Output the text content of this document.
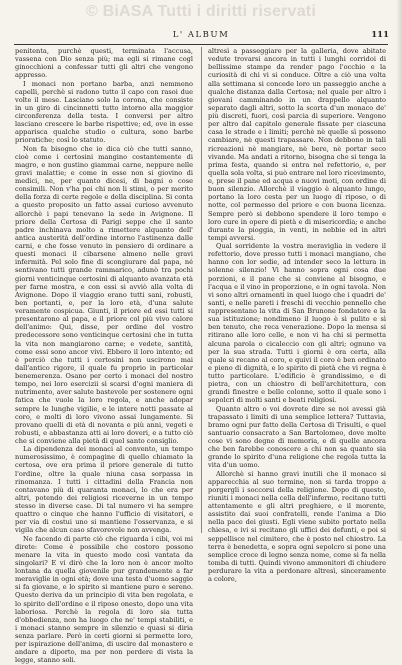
© BiASA Tutti i diritti riservati
L' ALBUM	111

penitenta, purchè questi, terminata l'accusa, vassena con Dio senza più; ma egli si rimane cogl ginocchioni a confessar tutti gli altri che vengono appresso.

I monaci non portano barba, anzi nemmeno capelli, perchè si radono tutto il capo con rasoi due volte il mese. Lasciano solo la corona, che consiste in un giro di cincinnetti tutto intorno alla maggior circonferenza della testa. I conversi per altro lasciano crescere le barbe rispettive; ed, ove in esse apparisca qualche studio o cultura, sono barbe prioratiche; così lo statuto.

Non fa bisogno che io dica ciò che tutti sanno, cioè come i certosini mangino costantemente di magro, e non gustino giammai carne, neppure nelle gravi malattie; e come in esse non si giovino di medici, ne, per quanto dicesi, di bagni o cose consimili. Non v'ha poi chi non li stimi, o per merito della forza di certe regole e della disciplina. Si conta a questo proposito un fatto assai curioso avvenuto allorchè i papi tenevano la sede in Avignone. Il priore della Certosa di Parigi seppe che il santo padre inchinava molto a rimettere alquanto dell' antica austerità dell'ordine intorno l'astinenza dalle carni, e che fosse venuto in pensiero di ordinare a questi monaci il cibarsene almeno nelle gravi infermità. Pel solo fine di scongiurare dal papa, né sentivano tutti grande rammarico, adunò tra pochi giorni venticinque certosini di alquanto avanzata età per farne mostra, e con essi si avviò alla volta di Avignone. Dopo il viaggio erano tutti sani, robusti, ben portanti, e, per la loro età, d'una salute veramente cospicua. Giunti, il priore ed essi tutti si presentarono al papa, e il priore col più vivo calore dell'animo: Qui, disse, per ordine del vostro predecessore sono venticinque certosini che in tutta la vita non mangiarono carne; e vedete, santità, come essi sono ancor vivi. Ebbero il loro intento; ed è perciò che tutti i certosini non uscirono mai dall'antico rigore, il quale fu proprio in particolar benemerenza. Osano per certo i monaci del nostro tempo, nei loro esercizii sì scarsi d'ogni maniera di nutrimento, aver salute bastevole per sostenere ogni fatica che vuole la loro regola, e anche adopar sempre le lunghe vigilie, e le intere notti passate al coro, e molti di loro vivono assai lungamente. Si provano quelli di età di novanta e più anni, vegeti e robusti, e abbastanza atti ai loro doveri, e a tutto ciò che si conviene alla pietà di quel santo consiglio.

La dipendenza dei monaci al convento, un tempo numerosissimo, è compagine di quello chiamato la certosa, ove era prima il priore generale di tutto l'ordine, oltre la quale niuna casa sorpassa in rinomanza. I tutti i cittadini della Francia non contavano più di quaranta monaci, lo che era per altri, potendo dei religiosi riceverne in un tempo stesso in diverse case. Di tal numero vi ha sempre quattro o cinque che hanno l'ufficio di visitatori, e per via di costui uno si mantiene l'osservanza, e si vigila che alcun caso sfavorevole non avvenga.

Ne facendo di parte ciò che riguarda i cibi, voi mi direte: Come è possibile che costoro possono menare la vita in questo modo così vantata da singolari? E vi dirò che la loro non è ancor molto lontana da quella giovenile pur grandemente a far meraviglie in ogni età; dove una testa d'uomo saggio si fa giovane, e lo spirito si mantiene puro e sereno. Questo deriva da un principio di vita ben regolata, e lo spirito dell'ordine e il riposo onesto, dopo una vita laboriosa. Perchè la regola di loro sia tutta d'obbedienza, non ha luogo che ne' tempi stabiliti, e i monaci stanno sempre in silenzio e quasi si diria senza parlare. Però in certi giorni si permette loro, per ispirazione dell'anima, di uscire dal monastero e andare a diporto, ma per non perdere di vista la legge, stanno soli.

altresì a passeggiare per la galleria, dove abitate vedute trovarsi ancora in tutti i lunghi corridoi di bellissime stampe da render pago l'occhio e la curiosità di chi vi si conduce. Oltre a ciò una volta alla settimana si concede loro un passeggio anche a qualche distanza dalla Certosa; nel quale per altro i giovani camminando in un drappello alquanto separato dagli altri, sotto la scorta d'un monaco de' più discreti, fuori, così parcia di superiore. Vengono per altro dal capitolo generale fissate per ciascuna casa le strade e i limiti; perchè nè quelle sì possono cambiare, nè questi trapassare. Non debbono in tali ricreazioni nè mangiare, nè bere, nè portar seco vivande. Ma andati a ritorno, bisogna che si tenga la prima festa, quando si entra nel refettorio, e, per quella sola volta, si può entrare nel loro ricevimento, e, prese il pane ed acqua e nuovi moti, con ordine di buon silenzio. Allorchè il viaggio è alquanto lungo, portano la loro cesta per un luogo di riposo, o di notte, col permesso del priore e con buona licenza. Sempre però si debbono spendere il loro tempo e loro cure in opere di pietà e di misericordia; e anche durante la pioggia, in venti, in nebbie ed in altri tempi avversi.

Qual sorridente la vostra meraviglia in vedere il refettorio, dove presso tutti i monaci mangiano, che hanno con lor sedie, ad intender seco la lettura in solenne silenzio! Vi hanno sopra ogni cosa due porzioni, e il pane che si conviene al bisogno, e l'acqua e il vino in proporzione, e in ogni tavola. Non vi sono altri ornamenti in quel luogo che i quadri de' santi, e nelle pareti i freschi di vecchio pennello che rappresentano la vita di San Brunone fondatore e la sua istituzione; nondimeno il luogo è sì pulito e sì ben tenuto, che reca venerazione. Dopo la mensa si ritirano alle loro celle, e non vi ha chi si permetta alcuna parola o cicaleccio con gli altri; ognuno va per la sua strada. Tutti i giorni è ora certa, alla quale si recano al coro, e quivi il coro è ben ordinato e pieno di dignità, e lo spirito di pietà che vi regna è tutto particolare. L'edificio è grandissimo, e di pietra, con un chiostro di bell'architettura, con grandi finestre e belle colonne, sotto il quale sono i sepolcri di molti santi e beati religiosi.

Quanto altro o voi dovrete dire se noi avessi già trapassato i limiti di una semplice lettera? Tuttavia, bramo ogni pur fatto della Certosa di Trisulti, e quel santuario consacrato a San Bartolomeo, dove molte cose vi sono degne di memoria, e di quelle ancora che ben farebbe conoscere a chi non sa quanto sia grande lo spirito d'una religione che regola tutta la vita d'un uomo.

Allorchè si hanno gravi inutili che il monaco si apparecchia al suo termine, non si tarda troppo a porgergli i soccorsi della religione. Dopo di questo, riuniti i monaci nella cella dell'infermo, recitano tutti attentamente e gli altri preghiere, e il morente, assistito dai suoi confratelli, rende l'anima a Dio nella pace dei giusti. Egli viene subito portato nella chiesa, e ivi si recitano gli uffici dei defunti, e poi si seppellisce nel cimitero, che è posto nel chiostro. La terra è benedetta, e sopra ogni sepolcro si pone una semplice croce di legno senza nome, come si fa nella tomba di tutti. Quindi vivono ammonitori di chiudere perdurare la vita a perdonare altresì, sinceramente a colore,
